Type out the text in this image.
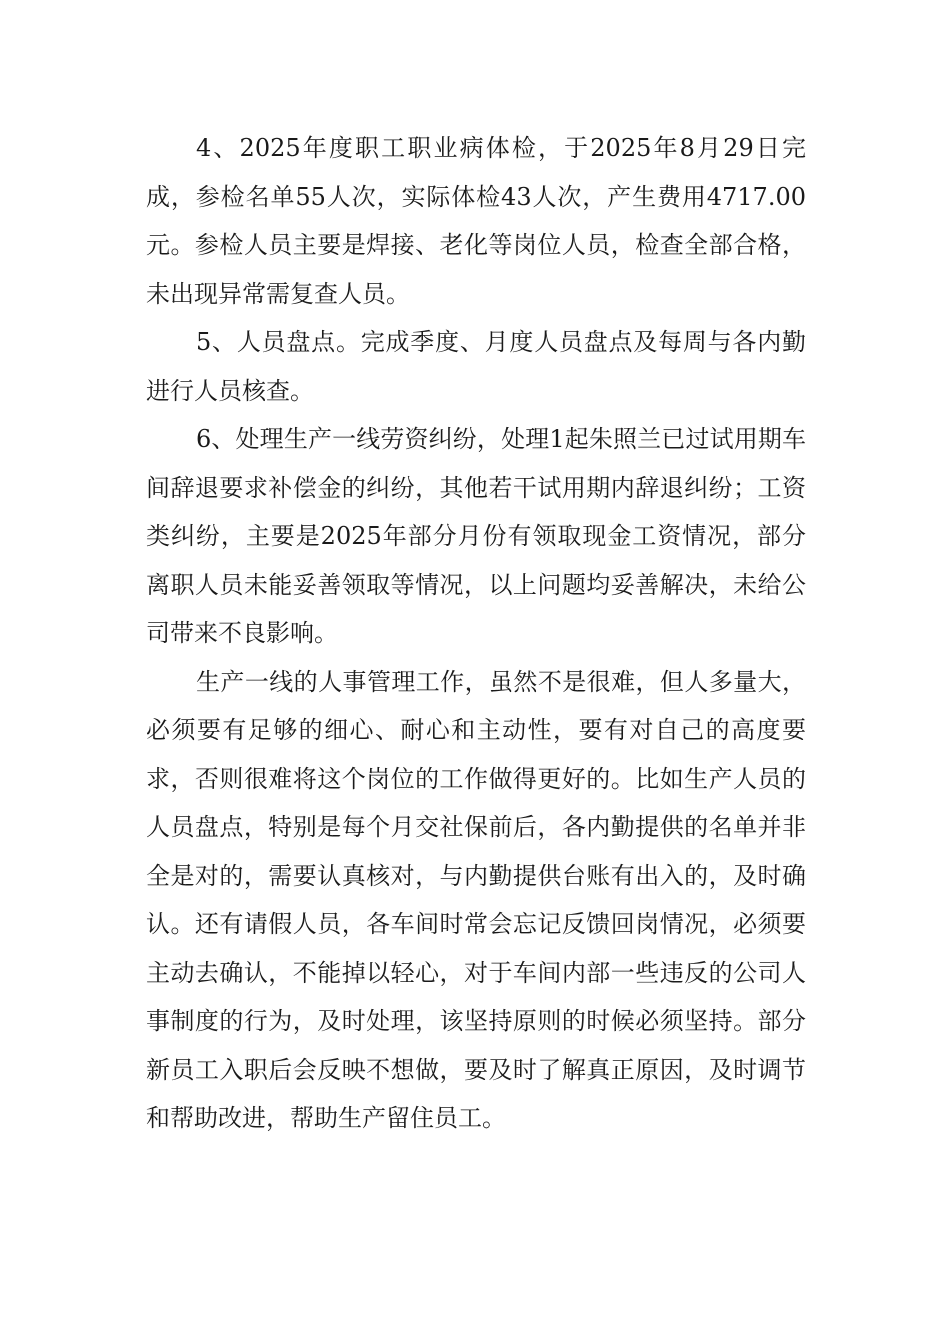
4、2025年度职工职业病体检，于2025年8月29日完成，参检名单55人次，实际体检43人次，产生费用4717.00元。参检人员主要是焊接、老化等岗位人员，检查全部合格，未出现异常需复查人员。

5、人员盘点。完成季度、月度人员盘点及每周与各内勤进行人员核查。

6、处理生产一线劳资纠纷，处理1起朱照兰已过试用期车间辞退要求补偿金的纠纷，其他若干试用期内辞退纠纷；工资类纠纷，主要是2025年部分月份有领取现金工资情况，部分离职人员未能妥善领取等情况，以上问题均妥善解决，未给公司带来不良影响。

生产一线的人事管理工作，虽然不是很难，但人多量大，必须要有足够的细心、耐心和主动性，要有对自己的高度要求，否则很难将这个岗位的工作做得更好的。比如生产人员的人员盘点，特别是每个月交社保前后，各内勤提供的名单并非全是对的，需要认真核对，与内勤提供台账有出入的，及时确认。还有请假人员，各车间时常会忘记反馈回岗情况，必须要主动去确认，不能掉以轻心，对于车间内部一些违反的公司人事制度的行为，及时处理，该坚持原则的时候必须坚持。部分新员工入职后会反映不想做，要及时了解真正原因，及时调节和帮助改进，帮助生产留住员工。
